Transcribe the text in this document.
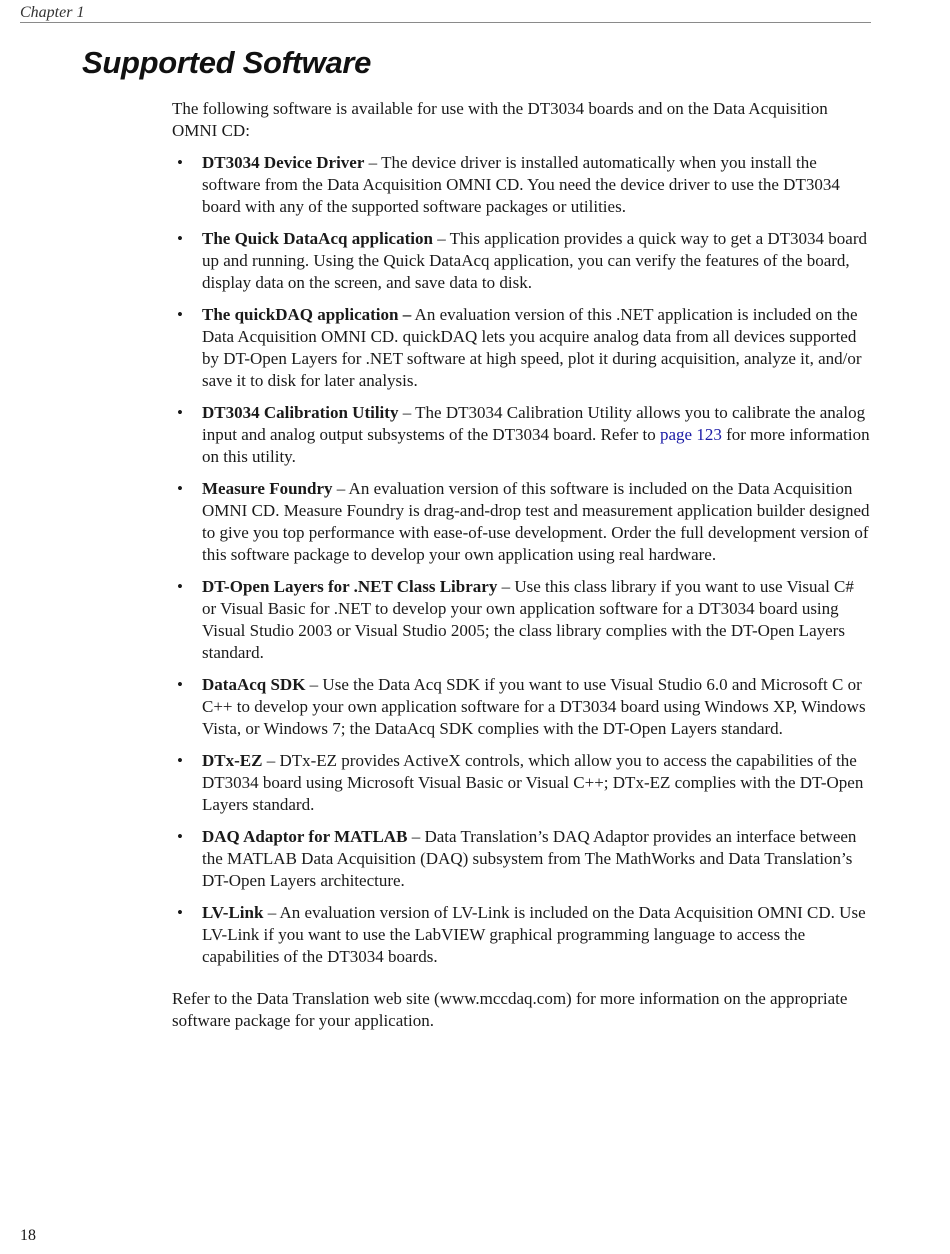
Chapter 1
Supported Software

The following software is available for use with the DT3034 boards and on the Data Acquisition OMNI CD:

• DT3034 Device Driver – The device driver is installed automatically when you install the software from the Data Acquisition OMNI CD. You need the device driver to use the DT3034 board with any of the supported software packages or utilities.
• The Quick DataAcq application – This application provides a quick way to get a DT3034 board up and running. Using the Quick DataAcq application, you can verify the features of the board, display data on the screen, and save data to disk.
• The quickDAQ application – An evaluation version of this .NET application is included on the Data Acquisition OMNI CD. quickDAQ lets you acquire analog data from all devices supported by DT-Open Layers for .NET software at high speed, plot it during acquisition, analyze it, and/or save it to disk for later analysis.
• DT3034 Calibration Utility – The DT3034 Calibration Utility allows you to calibrate the analog input and analog output subsystems of the DT3034 board. Refer to page 123 for more information on this utility.
• Measure Foundry – An evaluation version of this software is included on the Data Acquisition OMNI CD. Measure Foundry is drag-and-drop test and measurement application builder designed to give you top performance with ease-of-use development. Order the full development version of this software package to develop your own application using real hardware.
• DT-Open Layers for .NET Class Library – Use this class library if you want to use Visual C# or Visual Basic for .NET to develop your own application software for a DT3034 board using Visual Studio 2003 or Visual Studio 2005; the class library complies with the DT-Open Layers standard.
• DataAcq SDK – Use the Data Acq SDK if you want to use Visual Studio 6.0 and Microsoft C or C++ to develop your own application software for a DT3034 board using Windows XP, Windows Vista, or Windows 7; the DataAcq SDK complies with the DT-Open Layers standard.
• DTx-EZ – DTx-EZ provides ActiveX controls, which allow you to access the capabilities of the DT3034 board using Microsoft Visual Basic or Visual C++; DTx-EZ complies with the DT-Open Layers standard.
• DAQ Adaptor for MATLAB – Data Translation’s DAQ Adaptor provides an interface between the MATLAB Data Acquisition (DAQ) subsystem from The MathWorks and Data Translation’s DT-Open Layers architecture.
• LV-Link – An evaluation version of LV-Link is included on the Data Acquisition OMNI CD. Use LV-Link if you want to use the LabVIEW graphical programming language to access the capabilities of the DT3034 boards.

Refer to the Data Translation web site (www.mccdaq.com) for more information on the appropriate software package for your application.

18
